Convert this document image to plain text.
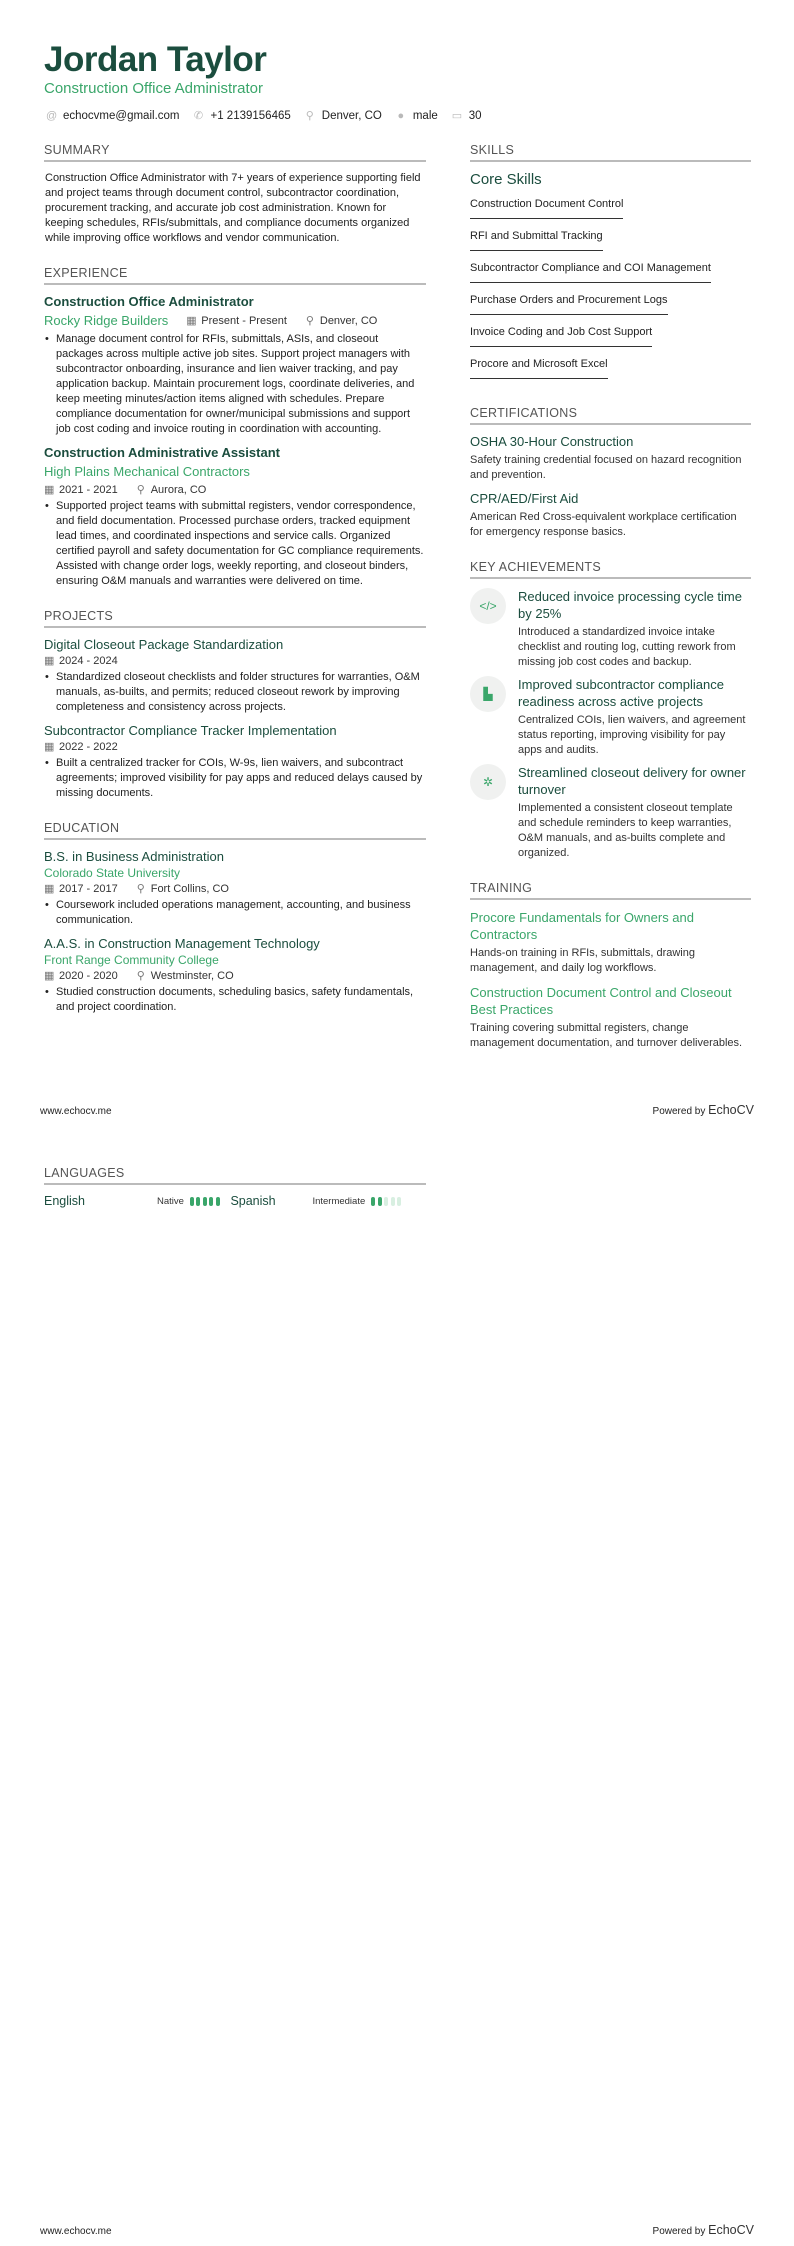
Jordan Taylor
Construction Office Administrator
@ echocvme@gmail.com ✆ +1 2139156465 ⚲ Denver, CO ● male ▭ 30
SUMMARY
Construction Office Administrator with 7+ years of experience supporting field and project teams through document control, subcontractor coordination, procurement tracking, and accurate job cost administration. Known for keeping schedules, RFIs/submittals, and compliance documents organized while improving office workflows and vendor communication.
EXPERIENCE
Construction Office Administrator
Rocky Ridge Builders ▦ Present - Present ⚲ Denver, CO
• Manage document control for RFIs, submittals, ASIs, and closeout packages across multiple active job sites. Support project managers with subcontractor onboarding, insurance and lien waiver tracking, and pay application backup. Maintain procurement logs, coordinate deliveries, and keep meeting minutes/action items aligned with schedules. Prepare compliance documentation for owner/municipal submissions and support job cost coding and invoice routing in coordination with accounting.
Construction Administrative Assistant
High Plains Mechanical Contractors
▦ 2021 - 2021 ⚲ Aurora, CO
• Supported project teams with submittal registers, vendor correspondence, and field documentation. Processed purchase orders, tracked equipment lead times, and coordinated inspections and service calls. Organized certified payroll and safety documentation for GC compliance requirements. Assisted with change order logs, weekly reporting, and closeout binders, ensuring O&M manuals and warranties were delivered on time.
PROJECTS
Digital Closeout Package Standardization
▦ 2024 - 2024
• Standardized closeout checklists and folder structures for warranties, O&M manuals, as-builts, and permits; reduced closeout rework by improving completeness and consistency across projects.
Subcontractor Compliance Tracker Implementation
▦ 2022 - 2022
• Built a centralized tracker for COIs, W-9s, lien waivers, and subcontract agreements; improved visibility for pay apps and reduced delays caused by missing documents.
EDUCATION
B.S. in Business Administration
Colorado State University
▦ 2017 - 2017 ⚲ Fort Collins, CO
• Coursework included operations management, accounting, and business communication.
A.A.S. in Construction Management Technology
Front Range Community College
▦ 2020 - 2020 ⚲ Westminster, CO
• Studied construction documents, scheduling basics, safety fundamentals, and project coordination.
SKILLS
Core Skills
Construction Document Control
RFI and Submittal Tracking
Subcontractor Compliance and COI Management
Purchase Orders and Procurement Logs
Invoice Coding and Job Cost Support
Procore and Microsoft Excel
CERTIFICATIONS
OSHA 30-Hour Construction
Safety training credential focused on hazard recognition and prevention.
CPR/AED/First Aid
American Red Cross-equivalent workplace certification for emergency response basics.
KEY ACHIEVEMENTS
</>
Reduced invoice processing cycle time by 25%
Introduced a standardized invoice intake checklist and routing log, cutting rework from missing job cost codes and backup.
▙
Improved subcontractor compliance readiness across active projects
Centralized COIs, lien waivers, and agreement status reporting, improving visibility for pay apps and audits.
✲
Streamlined closeout delivery for owner turnover
Implemented a consistent closeout template and schedule reminders to keep warranties, O&M manuals, and as-builts complete and organized.
TRAINING
Procore Fundamentals for Owners and Contractors
Hands-on training in RFIs, submittals, drawing management, and daily log workflows.
Construction Document Control and Closeout Best Practices
Training covering submittal registers, change management documentation, and turnover deliverables.
www.echocv.me	Powered by EchoCV
LANGUAGES
English	Native	Spanish	Intermediate
www.echocv.me	Powered by EchoCV
